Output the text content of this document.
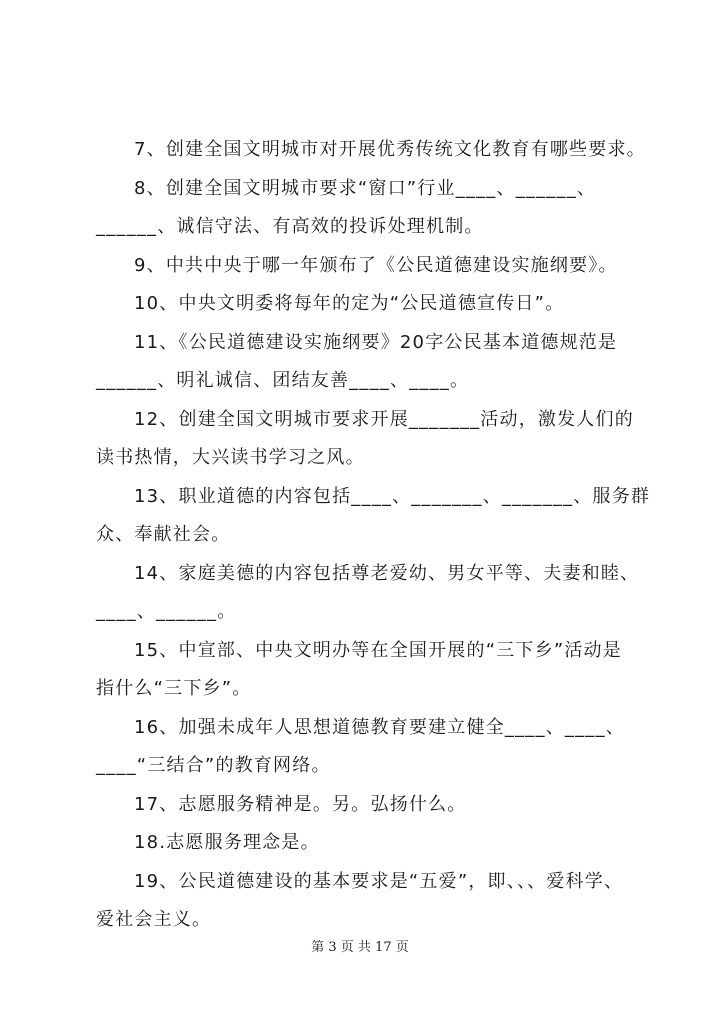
7、创建全国文明城市对开展优秀传统文化教育有哪些要求。
8、创建全国文明城市要求“窗口”行业____、______、
______、诚信守法、有高效的投诉处理机制。
9、中共中央于哪一年颁布了《公民道德建设实施纲要》。
10、中央文明委将每年的定为“公民道德宣传日”。
11、《公民道德建设实施纲要》20字公民基本道德规范是
______、明礼诚信、团结友善____、____。
12、创建全国文明城市要求开展_______活动，激发人们的
读书热情，大兴读书学习之风。
13、职业道德的内容包括____、_______、_______、服务群
众、奉献社会。
14、家庭美德的内容包括尊老爱幼、男女平等、夫妻和睦、
____、______。
15、中宣部、中央文明办等在全国开展的“三下乡”活动是
指什么“三下乡”。
16、加强未成年人思想道德教育要建立健全____、____、
____“三结合”的教育网络。
17、志愿服务精神是。另。弘扬什么。
18.志愿服务理念是。
19、公民道德建设的基本要求是“五爱”，即、、、爱科学、
爱社会主义。
第 3 页 共 17 页
